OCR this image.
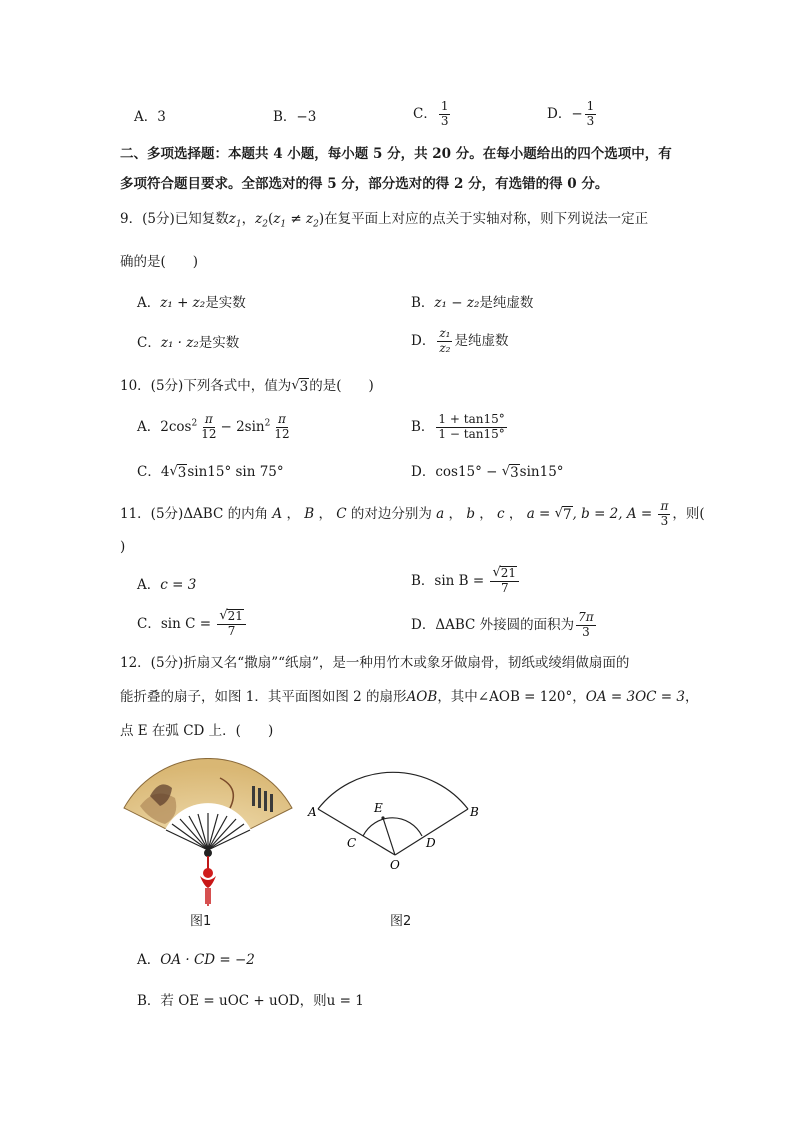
A．3	B．−3	C． $\frac{1}{3}$	D．− $\frac{1}{3}$
二、多项选择题：本题共 4 小题，每小题 5 分，共 20 分。在每小题给出的四个选项中，有
多项符合题目要求。全部选对的得 5 分，部分选对的得 2 分，有选错的得 0 分。
9．(5分)已知复数$z_1$，$z_2(z_1 \ne z_2)$在复平面上对应的点关于实轴对称，则下列说法一定正
确的是(　　)
A．z₁ + z₂是实数	B．z₁ − z₂是纯虚数
C．z₁ · z₂是实数	D． $\frac{\text{z₁}}{\text{z₂}}$ 是纯虚数
10．(5分)下列各式中，值为 √ 3 的是(　　)
A．$2\cos^2 \frac{\pi}{12} - 2\sin^2 \frac{\pi}{12}$	B． $\frac{1 + \tan 15^\circ}{1 - \tan 15^\circ}$
C．4 √ 3 sin15° sin 75°	D．cos15° − √ 3 sin15°
11．(5分)ΔABC 的内角 A ， B ， C 的对边分别为 a ， b ， c ， a = √ 7 , b = 2, $A = \frac{\pi}{3}$ ，则(
)
A．c = 3	B．$\sin B = \frac{√ 21}{7}$
C．$\sin C = \frac{√ 21}{7}$	D．ΔABC 外接圆的面积为 $\frac{7\pi}{3}$
12．(5分)折扇又名“撒扇”“纸扇”，是一种用竹木或象牙做扇骨，韧纸或绫绢做扇面的
能折叠的扇子，如图 1．其平面图如图 2 的扇形AOB，其中∠AOB = 120°，OA = 3OC = 3，
点 E 在弧 CD 上．(　　)
图1
A	B
C	D
E
O
图2
A．OA · CD = −2
B．若 OE = uOC + uOD，则u = 1
